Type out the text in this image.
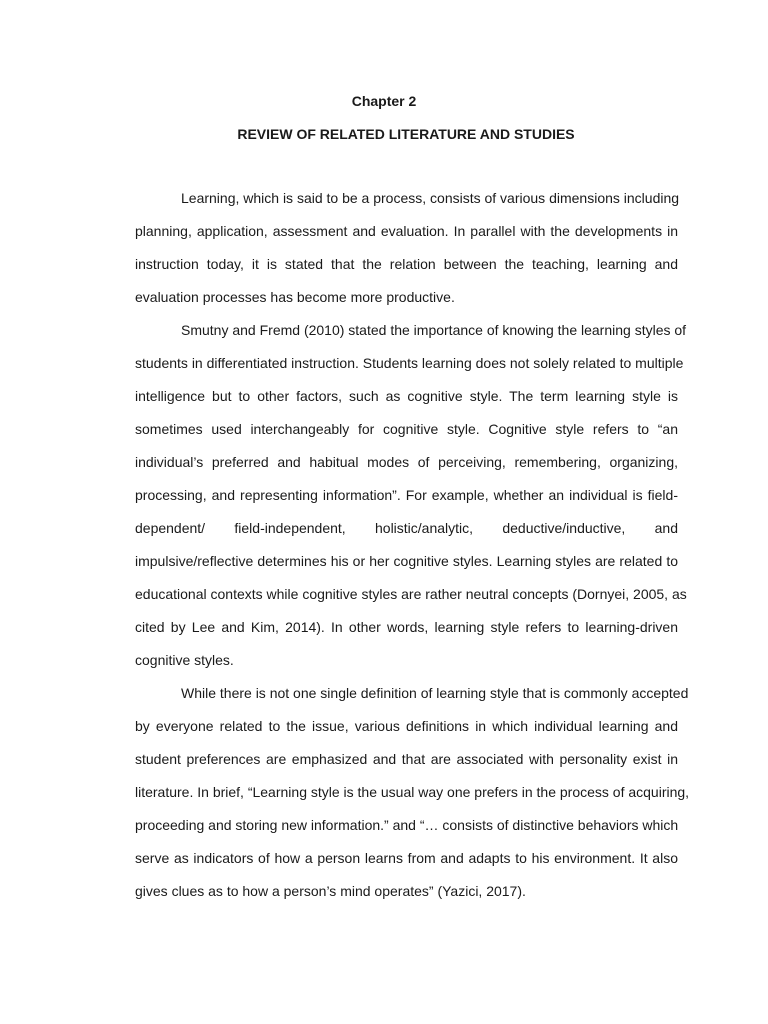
Chapter 2
REVIEW OF RELATED LITERATURE AND STUDIES
Learning, which is said to be a process, consists of various dimensions including
planning, application, assessment and evaluation. In parallel with the developments in
instruction today, it is stated that the relation between the teaching, learning and
evaluation processes has become more productive.
Smutny and Fremd (2010) stated the importance of knowing the learning styles of
students in differentiated instruction. Students learning does not solely related to multiple
intelligence but to other factors, such as cognitive style. The term learning style is
sometimes used interchangeably for cognitive style. Cognitive style refers to “an
individual’s preferred and habitual modes of perceiving, remembering, organizing,
processing, and representing information”. For example, whether an individual is field-
dependent/ field-independent, holistic/analytic, deductive/inductive, and
impulsive/reflective determines his or her cognitive styles. Learning styles are related to
educational contexts while cognitive styles are rather neutral concepts (Dornyei, 2005, as
cited by Lee and Kim, 2014). In other words, learning style refers to learning-driven
cognitive styles.
While there is not one single definition of learning style that is commonly accepted
by everyone related to the issue, various definitions in which individual learning and
student preferences are emphasized and that are associated with personality exist in
literature. In brief, “Learning style is the usual way one prefers in the process of acquiring,
proceeding and storing new information.” and “… consists of distinctive behaviors which
serve as indicators of how a person learns from and adapts to his environment. It also
gives clues as to how a person’s mind operates” (Yazici, 2017).
